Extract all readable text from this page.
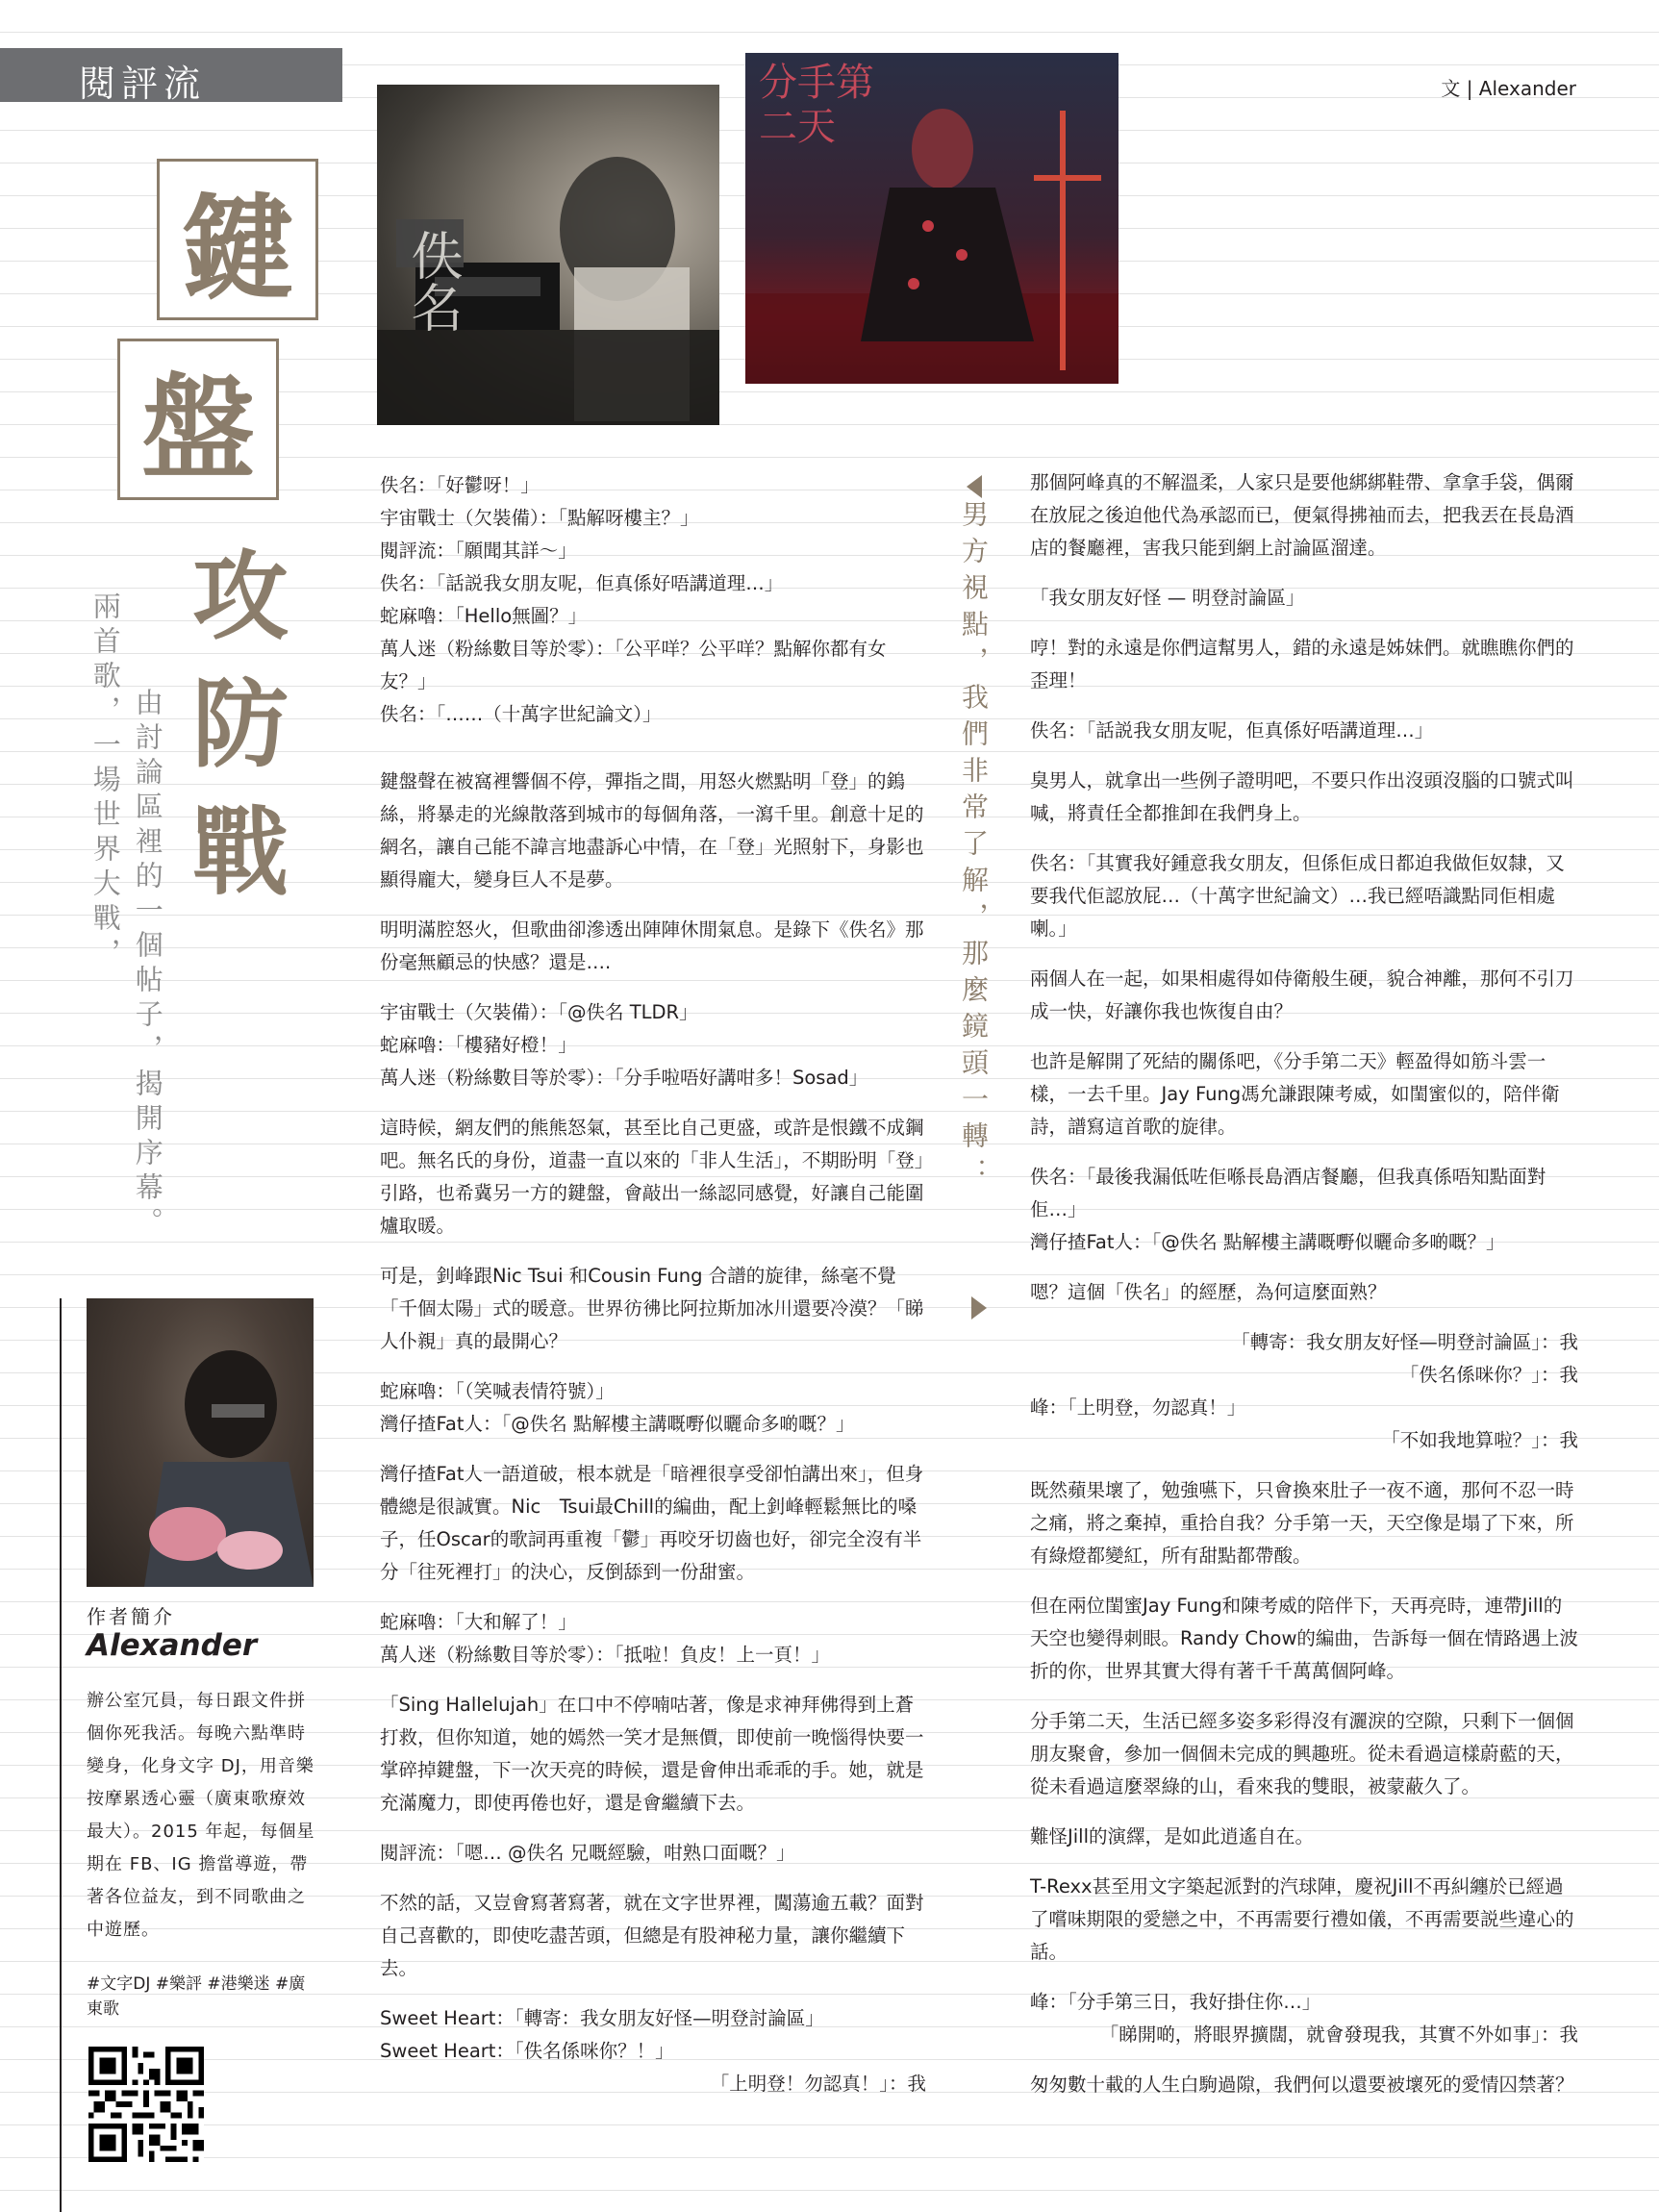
閱評流	文 | Alexander
佚名
分手第二天
鍵
盤
攻
防
戰
兩首歌，一場世界大戰， 由討論區裡的一個帖子，揭開序幕。	男方視點，我們非常了解，那麼鏡頭一轉：

佚名：「好鬱呀！」
宇宙戰士（欠裝備）：「點解呀樓主？」
閱評流：「願聞其詳～」
佚名：「話説我女朋友呢，佢真係好唔講道理…」
蛇麻嚕：「Hello無圖？」
萬人迷（粉絲數目等於零）：「公平咩？公平咩？點解你都有女友？」
佚名：「……（十萬字世紀論文）」

鍵盤聲在被窩裡響個不停，彈指之間，用怒火燃點明「登」的鎢絲，將暴走的光線散落到城市的每個角落，一瀉千里。創意十足的網名，讓自己能不諱言地盡訴心中情，在「登」光照射下，身影也顯得龐大，變身巨人不是夢。

明明滿腔怒火，但歌曲卻滲透出陣陣休閒氣息。是錄下《佚名》那份毫無顧忌的快感？還是….

宇宙戰士（欠裝備）：「@佚名 TLDR」
蛇麻嚕：「樓豬好橙！」
萬人迷（粉絲數目等於零）：「分手啦唔好講咁多！Sosad」

這時候，網友們的熊熊怒氣，甚至比自己更盛，或許是恨鐵不成鋼吧。無名氏的身份，道盡一直以來的「非人生活」，不期盼明「登」引路，也希冀另一方的鍵盤，會敲出一絲認同感覺，好讓自己能圍爐取暖。

可是，釗峰跟Nic Tsui 和Cousin Fung 合譜的旋律，絲毫不覺「千個太陽」式的暖意。世界彷彿比阿拉斯加冰川還要冷漠？「睇人仆親」真的最開心？

蛇麻嚕：「（笑喊表情符號）」
灣仔揸Fat人：「@佚名 點解樓主講嘅嘢似曬命多啲嘅？」

灣仔揸Fat人一語道破，根本就是「暗裡很享受卻怕講出來」，但身體總是很誠實。Nic　Tsui最Chill的編曲，配上釗峰輕鬆無比的嗓子，任Oscar的歌詞再重複「鬱」再咬牙切齒也好，卻完全沒有半分「往死裡打」的決心，反倒舔到一份甜蜜。

蛇麻嚕：「大和解了！」
萬人迷（粉絲數目等於零）：「抵啦！負皮！上一頁！」

「Sing Hallelujah」在口中不停喃咕著，像是求神拜佛得到上蒼打救，但你知道，她的嫣然一笑才是無價，即使前一晚惱得快要一掌碎掉鍵盤，下一次天亮的時候，還是會伸出乖乖的手。她，就是充滿魔力，即使再倦也好，還是會繼續下去。

閱評流：「嗯… @佚名 兄嘅經驗，咁熟口面嘅？」

不然的話，又豈會寫著寫著，就在文字世界裡，闖蕩逾五載？面對自己喜歡的，即使吃盡苦頭，但總是有股神秘力量，讓你繼續下去。

Sweet Heart：「轉寄：我女朋友好怪—明登討論區」
Sweet Heart：「佚名係咪你？！」
「上明登！勿認真！」：我

那個阿峰真的不解溫柔，人家只是要他綁綁鞋帶、拿拿手袋，偶爾在放屁之後迫他代為承認而已，便氣得拂袖而去，把我丟在長島酒店的餐廳裡，害我只能到網上討論區溜達。

「我女朋友好怪 — 明登討論區」

哼！對的永遠是你們這幫男人，錯的永遠是姊妹們。就瞧瞧你們的歪理！

佚名：「話説我女朋友呢，佢真係好唔講道理…」

臭男人，就拿出一些例子證明吧，不要只作出沒頭沒腦的口號式叫喊，將責任全都推卸在我們身上。

佚名：「其實我好鍾意我女朋友，但係佢成日都迫我做佢奴隸，又要我代佢認放屁…（十萬字世紀論文）…我已經唔識點同佢相處喇。」

兩個人在一起，如果相處得如侍衛般生硬，貌合神離，那何不引刀成一快，好讓你我也恢復自由？

也許是解開了死結的關係吧，《分手第二天》輕盈得如筋斗雲一樣，一去千里。Jay Fung馮允謙跟陳考威，如閨蜜似的，陪伴衛詩，譜寫這首歌的旋律。

佚名：「最後我漏低咗佢喺長島酒店餐廳，但我真係唔知點面對佢…」
灣仔揸Fat人：「@佚名 點解樓主講嘅嘢似曬命多啲嘅？」

嗯？這個「佚名」的經歷，為何這麼面熟？

「轉寄：我女朋友好怪—明登討論區」：我
「佚名係咪你？」：我
峰：「上明登，勿認真！」
「不如我地算啦？」：我

既然蘋果壞了，勉強嚥下，只會換來肚子一夜不適，那何不忍一時之痛，將之棄掉，重拾自我？分手第一天，天空像是塌了下來，所有綠燈都變紅，所有甜點都帶酸。

但在兩位閨蜜Jay Fung和陳考威的陪伴下，天再亮時，連帶Jill的天空也變得刺眼。Randy Chow的編曲，告訴每一個在情路遇上波折的你，世界其實大得有著千千萬萬個阿峰。

分手第二天，生活已經多姿多彩得沒有灑淚的空隙，只剩下一個個朋友聚會，參加一個個未完成的興趣班。從未看過這樣蔚藍的天，從未看過這麼翠綠的山，看來我的雙眼，被蒙蔽久了。

難怪Jill的演繹，是如此逍遙自在。

T-Rexx甚至用文字築起派對的汽球陣，慶祝Jill不再糾纏於已經過了嚐味期限的愛戀之中，不再需要行禮如儀，不再需要説些違心的話。

峰：「分手第三日，我好掛住你…」
「睇開啲，將眼界擴闊，就會發現我，其實不外如事」：我

匆匆數十載的人生白駒過隙，我們何以還要被壞死的愛情囚禁著？

作者簡介
Alexander
辦公室冗員，每日跟文件拼個你死我活。每晚六點準時變身，化身文字 DJ，用音樂按摩累透心靈（廣東歌療效最大）。2015 年起，每個星期在 FB、IG 擔當導遊，帶著各位益友，到不同歌曲之中遊歷。
#文字DJ #樂評 #港樂迷 #廣東歌
